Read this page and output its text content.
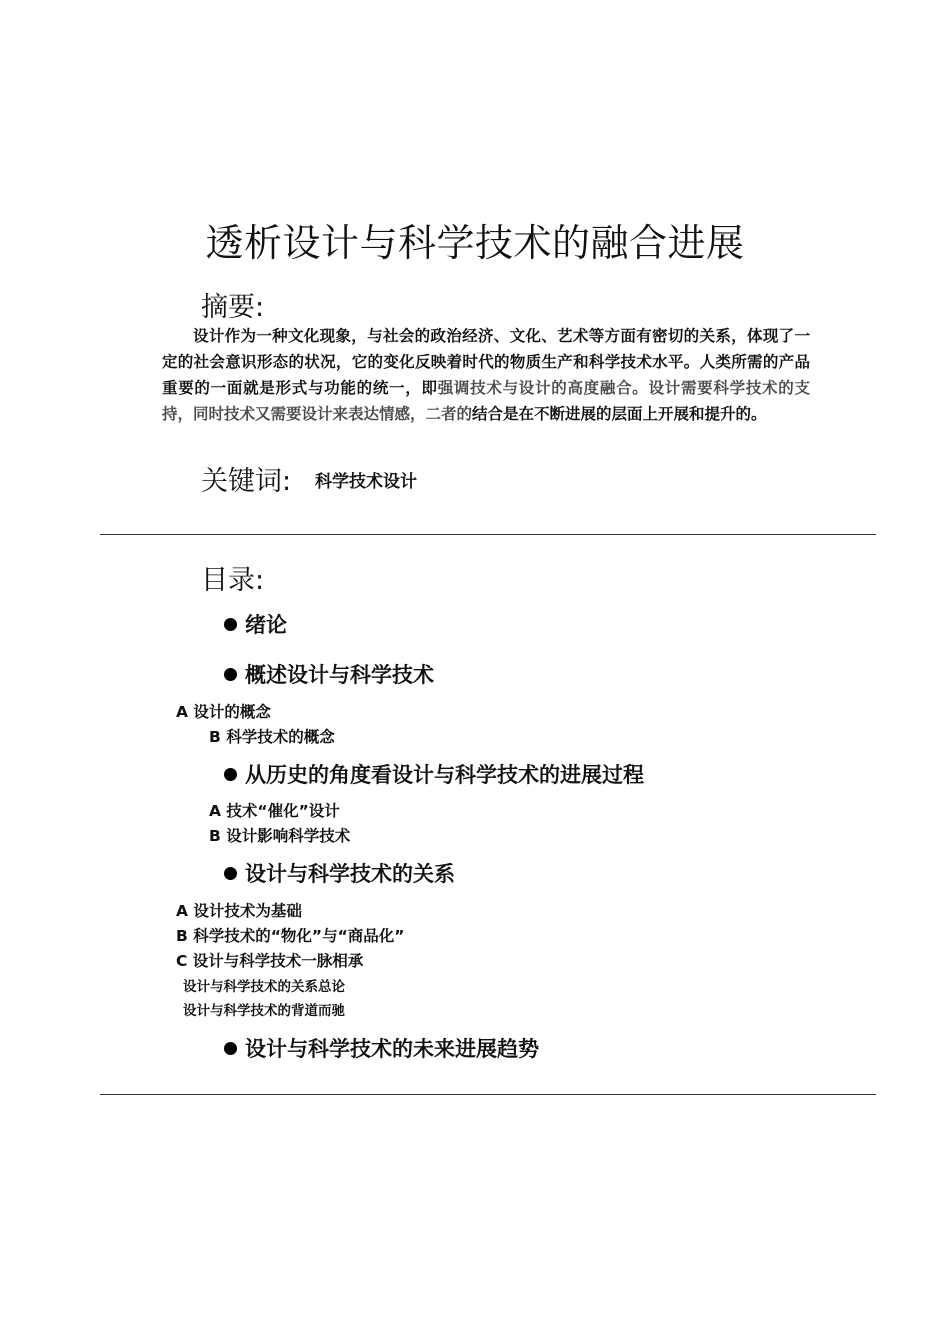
透析设计与科学技术的融合进展
摘要:
设计作为一种文化现象，与社会的政治经济、文化、艺术等方面有密切的关系，体现了一定的社会意识形态的状况，它的变化反映着时代的物质生产和科学技术水平。人类所需的产品重要的一面就是形式与功能的统一，即强调技术与设计的高度融合。设计需要科学技术的支持，同时技术又需要设计来表达情感，二者的结合是在不断进展的层面上开展和提升的。
关键词: 科学技术设计
目录:
绪论
概述设计与科学技术
A 设计的概念
B 科学技术的概念
从历史的角度看设计与科学技术的进展过程
A 技术“催化”设计
B 设计影响科学技术
设计与科学技术的关系
A 设计技术为基础
B 科学技术的“物化”与“商品化”
C 设计与科学技术一脉相承
设计与科学技术的关系总论
设计与科学技术的背道而驰
设计与科学技术的未来进展趋势
